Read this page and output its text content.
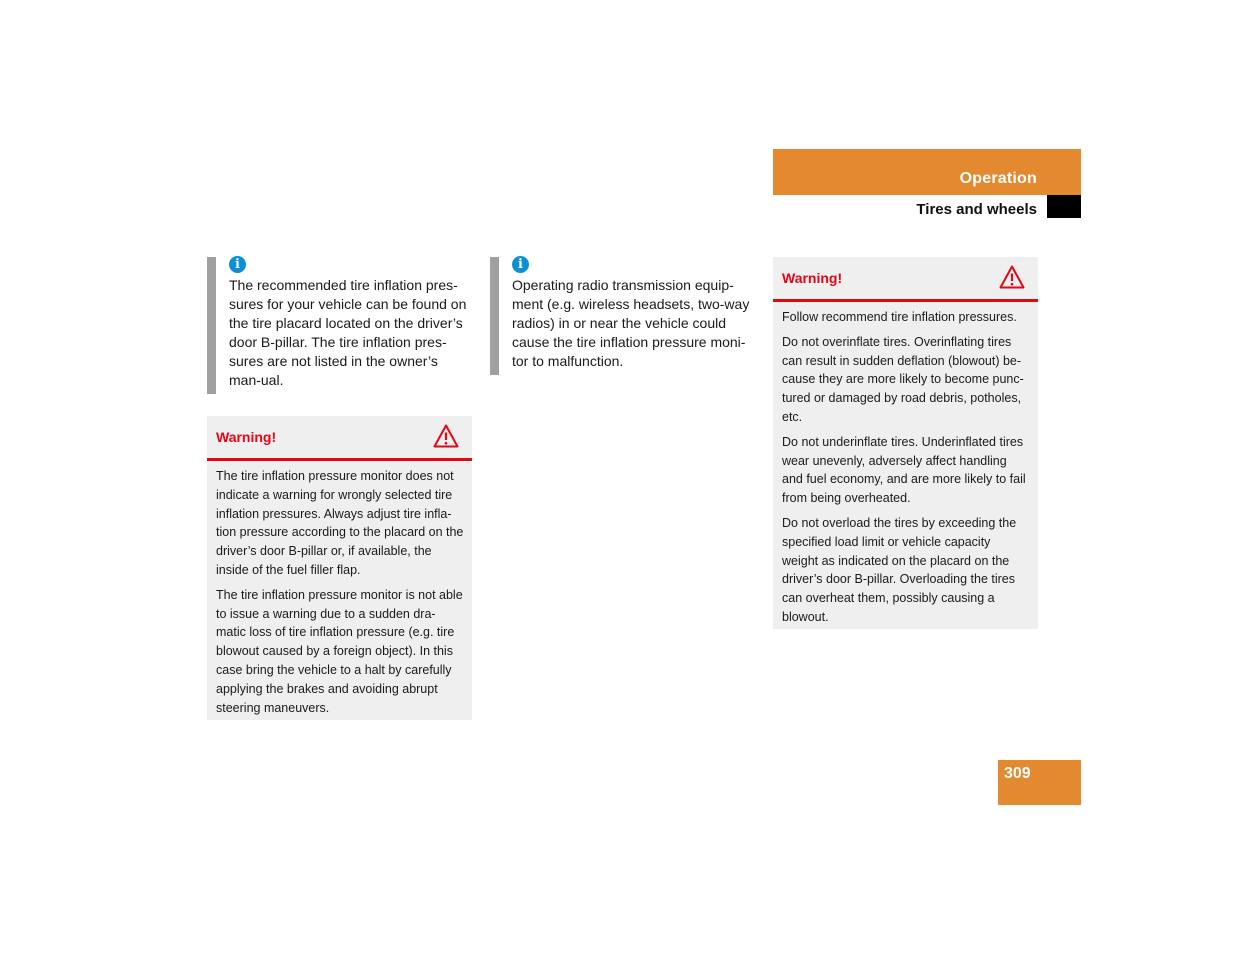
Operation
Tires and wheels
i

The recommended tire inflation pres-sures for your vehicle can be found on the tire placard located on the driver’s door B-pillar. The tire inflation pres-sures are not listed in the owner’s man-ual.

i

Operating radio transmission equip-ment (e.g. wireless headsets, two-way radios) in or near the vehicle could cause the tire inflation pressure moni-tor to malfunction.

Warning!

The tire inflation pressure monitor does not indicate a warning for wrongly selected tire inflation pressures. Always adjust tire infla-tion pressure according to the placard on the driver’s door B-pillar or, if available, the inside of the fuel filler flap.

The tire inflation pressure monitor is not able to issue a warning due to a sudden dra-matic loss of tire inflation pressure (e.g. tire blowout caused by a foreign object). In this case bring the vehicle to a halt by carefully applying the brakes and avoiding abrupt steering maneuvers.

Warning!

Follow recommend tire inflation pressures.

Do not overinflate tires. Overinflating tires can result in sudden deflation (blowout) be-cause they are more likely to become punc-tured or damaged by road debris, potholes, etc.

Do not underinflate tires. Underinflated tires wear unevenly, adversely affect handling and fuel economy, and are more likely to fail from being overheated.

Do not overload the tires by exceeding the specified load limit or vehicle capacity weight as indicated on the placard on the driver’s door B-pillar. Overloading the tires can overheat them, possibly causing a blowout.

309
